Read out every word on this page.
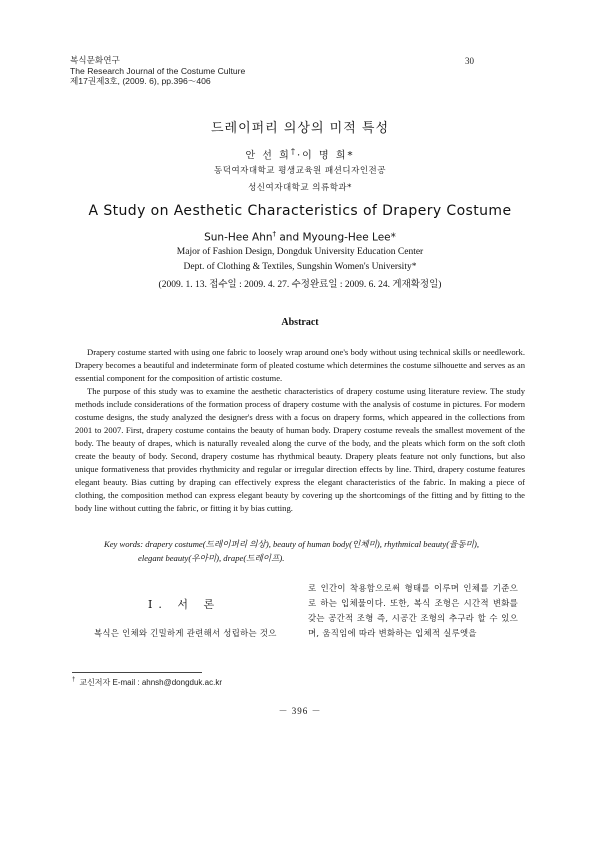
복식문화연구
The Research Journal of the Costume Culture
제17권제3호, (2009. 6), pp.396～406
30
드레이퍼리 의상의 미적 특성
안 선 희†·이 명 희*
동덕여자대학교 평생교육원 패션디자인전공
성신여자대학교 의류학과*
A Study on Aesthetic Characteristics of Drapery Costume
Sun-Hee Ahn† and Myoung-Hee Lee*
Major of Fashion Design, Dongduk University Education Center
Dept. of Clothing & Textiles, Sungshin Women's University*
(2009. 1. 13. 접수일 : 2009. 4. 27. 수정완료일 : 2009. 6. 24. 게재확정일)
Abstract

Drapery costume started with using one fabric to loosely wrap around one's body without using technical skills or needlework. Drapery becomes a beautiful and indeterminate form of pleated costume which determines the costume silhouette and serves as an essential component for the composition of artistic costume.

The purpose of this study was to examine the aesthetic characteristics of drapery costume using literature review. The study methods include considerations of the formation process of drapery costume with the analysis of costume in pictures. For modern costume designs, the study analyzed the designer's dress with a focus on drapery forms, which appeared in the collections from 2001 to 2007. First, drapery costume contains the beauty of human body. Drapery costume reveals the smallest movement of the body. The beauty of drapes, which is naturally revealed along the curve of the body, and the pleats which form on the soft cloth create the beauty of body. Second, drapery costume has rhythmical beauty. Drapery pleats feature not only functions, but also unique formativeness that provides rhythmicity and regular or irregular direction effects by line. Third, drapery costume features elegant beauty. Bias cutting by draping can effectively express the elegant characteristics of the fabric. In making a piece of clothing, the composition method can express elegant beauty by covering up the shortcomings of the fitting and by fitting to the body line without cutting the fabric, or fitting it by bias cutting.

Key words: drapery costume(드레이퍼리 의상), beauty of human body(인체미), rhythmical beauty(율동미),
elegant beauty(우아미), drape(드레이프).
Ⅰ. 서 론
복식은 인체와 긴밀하게 관련해서 성립하는 것으
로 인간이 착용함으로써 형태를 이루며 인체를 기준으로 하는 입체물이다. 또한, 복식 조형은 시간적 변화를 갖는 공간적 조형 즉, 시공간 조형의 추구라 할 수 있으며, 움직임에 따라 변화하는 입체적 실루엣을
† 교신저자 E-mail : ahnsh@dongduk.ac.kr
－ 396 －
